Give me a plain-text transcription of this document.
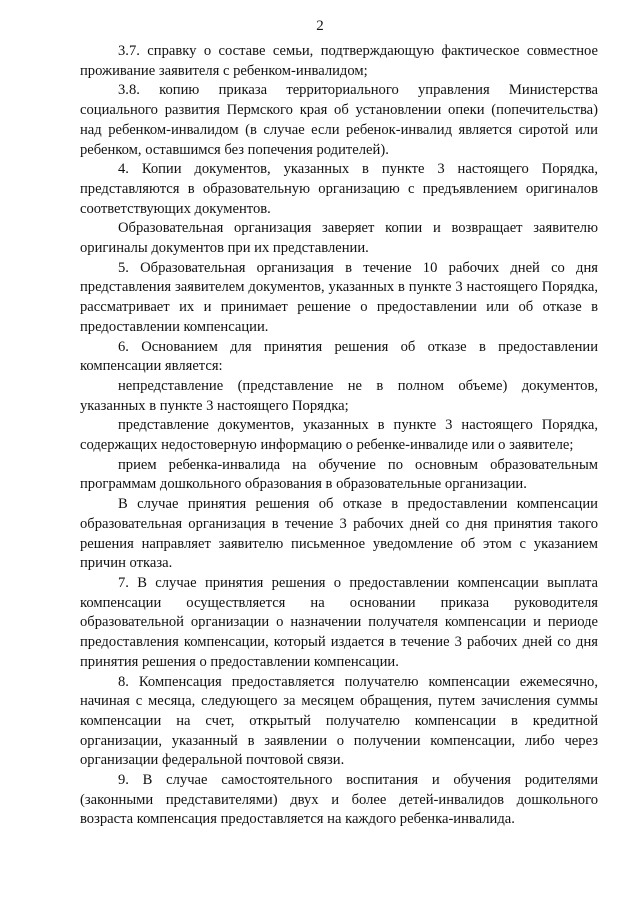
2

3.7. справку о составе семьи, подтверждающую фактическое совместное проживание заявителя с ребенком-инвалидом;

3.8. копию приказа территориального управления Министерства социального развития Пермского края об установлении опеки (попечительства) над ребенком-инвалидом (в случае если ребенок-инвалид является сиротой или ребенком, оставшимся без попечения родителей).

4. Копии документов, указанных в пункте 3 настоящего Порядка, представляются в образовательную организацию с предъявлением оригиналов соответствующих документов.

Образовательная организация заверяет копии и возвращает заявителю оригиналы документов при их представлении.

5. Образовательная организация в течение 10 рабочих дней со дня представления заявителем документов, указанных в пункте 3 настоящего Порядка, рассматривает их и принимает решение о предоставлении или об отказе в предоставлении компенсации.

6. Основанием для принятия решения об отказе в предоставлении компенсации является:

непредставление (представление не в полном объеме) документов, указанных в пункте 3 настоящего Порядка;

представление документов, указанных в пункте 3 настоящего Порядка, содержащих недостоверную информацию о ребенке-инвалиде или о заявителе;

прием ребенка-инвалида на обучение по основным образовательным программам дошкольного образования в образовательные организации.

В случае принятия решения об отказе в предоставлении компенсации образовательная организация в течение 3 рабочих дней со дня принятия такого решения направляет заявителю письменное уведомление об этом с указанием причин отказа.

7. В случае принятия решения о предоставлении компенсации выплата компенсации осуществляется на основании приказа руководителя образовательной организации о назначении получателя компенсации и периоде предоставления компенсации, который издается в течение 3 рабочих дней со дня принятия решения о предоставлении компенсации.

8. Компенсация предоставляется получателю компенсации ежемесячно, начиная с месяца, следующего за месяцем обращения, путем зачисления суммы компенсации на счет, открытый получателю компенсации в кредитной организации, указанный в заявлении о получении компенсации, либо через организации федеральной почтовой связи.

9. В случае самостоятельного воспитания и обучения родителями (законными представителями) двух и более детей-инвалидов дошкольного возраста компенсация предоставляется на каждого ребенка-инвалида.
